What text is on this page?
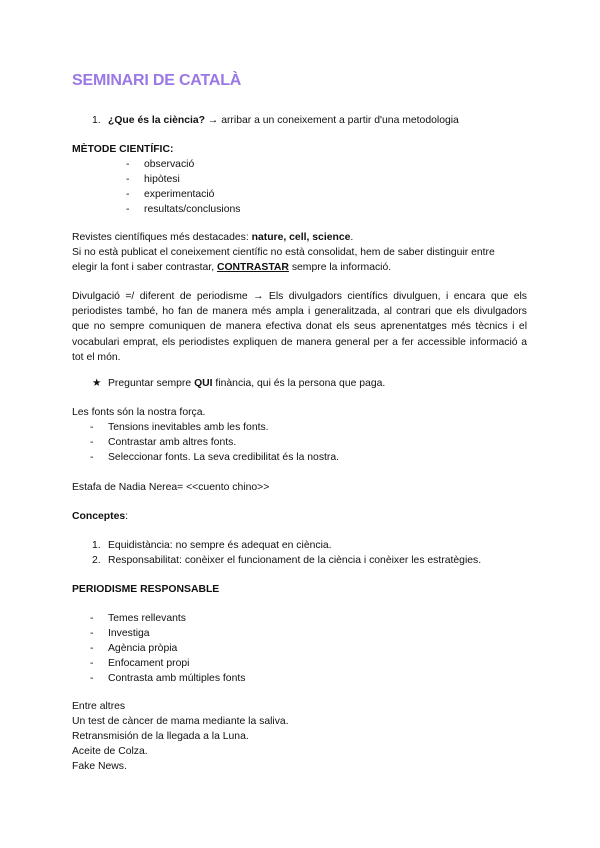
SEMINARI DE CATALÀ
1. ¿Que és la ciència? → arribar a un coneixement a partir d'una metodologia
MÈTODE CIENTÍFIC:
- observació
- hipòtesi
- experimentació
- resultats/conclusions
Revistes científiques més destacades: nature, cell, science.
Si no està publicat el coneixement científic no està consolidat, hem de saber distinguir entre
elegir la font i saber contrastar, CONTRASTAR sempre la informació.
Divulgació =/ diferent de periodisme → Els divulgadors científics divulguen, i encara que els periodistes també, ho fan de manera més ampla i generalitzada, al contrari que els divulgadors que no sempre comuniquen de manera efectiva donat els seus aprenentatges més tècnics i el vocabulari emprat, els periodistes expliquen de manera general per a fer accessible informació a tot el món.
★ Preguntar sempre QUI finància, qui és la persona que paga.
Les fonts són la nostra força.
- Tensions inevitables amb les fonts.
- Contrastar amb altres fonts.
- Seleccionar fonts. La seva credibilitat és la nostra.
Estafa de Nadia Nerea= <<cuento chino>>
Conceptes:
1. Equidistància: no sempre és adequat en ciència.
2. Responsabilitat: conèixer el funcionament de la ciència i conèixer les estratègies.
PERIODISME RESPONSABLE
- Temes rellevants
- Investiga
- Agència pròpia
- Enfocament propi
- Contrasta amb múltiples fonts
Entre altres
Un test de càncer de mama mediante la saliva.
Retransmisión de la llegada a la Luna.
Aceite de Colza.
Fake News.
